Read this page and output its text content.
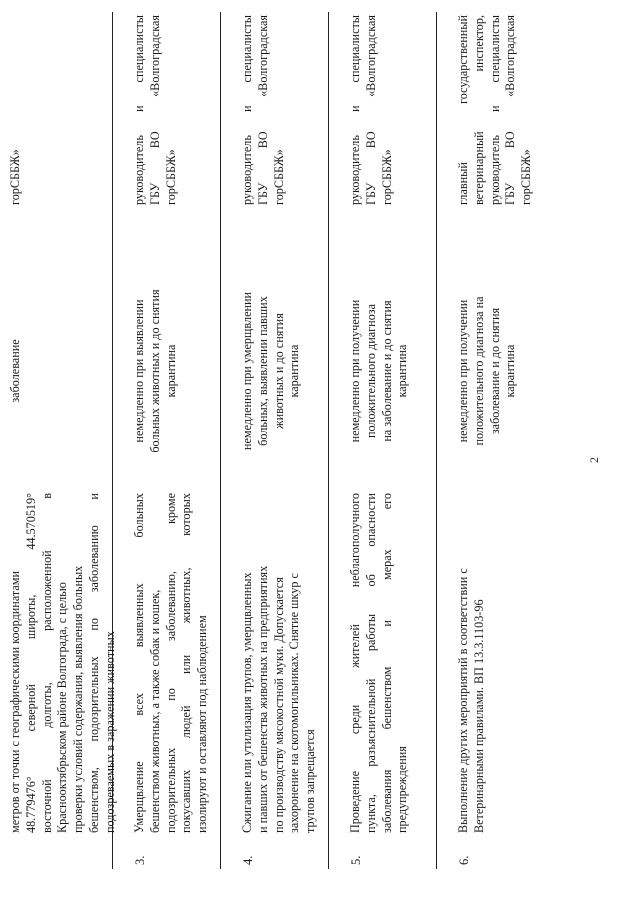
2
метров от точки с географическими координатами 48.779476°
северной
широты,
44.570519°
восточной
долготы,
расположенной
в
Красноoктябрьском районе Волгограда, с целью проверки условий содержания, выявления больных бешенством,
подозрительных
по
заболеванию
и
подозреваемых в заражении животных
заболевание
горСББЖ»
3.
Умерщвление
всех
выявленных
больных
бешенством животных, а также собак и кошек, подозрительных
по
заболеванию,
кроме
покусавших
людей
или
животных,
которых
изолируют и оставляют под наблюдением
немедленно при выявлении больных животных и до снятия карантина
руководитель
и
специалисты
ГБУ
ВО
«Волгоградская
горСББЖ»
4.
Сжигание или утилизация трупов, умерщвленных и павших от бешенства животных на предприятиях по производству мясокостной муки. Допускается захоронение на скотомогильниках. Снятие шкур с трупов запрещается
немедленно при умерщвлении больных, выявлении павших животных и до снятия карантина
руководитель
и
специалисты
ГБУ
ВО
«Волгоградская
горСББЖ»
5.
Проведение
среди
жителей
неблагополучного
пункта,
разъяснительной
работы
об
опасности
заболевания
бешенством
и
мерах
его
предупреждения
немедленно при получении положительного диагноза на заболевание и до снятия карантина
руководитель
и
специалисты
ГБУ
ВО
«Волгоградская
горСББЖ»
6.
Выполнение других мероприятий в соответствии с Ветеринарными правилами. ВП 13.3.1103-96
немедленно при получении положительного диагноза на заболевание и до снятия карантина
главный
государственный
ветеринарный
инспектор,
руководитель
и
специалисты
ГБУ
ВО
«Волгоградская
горСББЖ»
